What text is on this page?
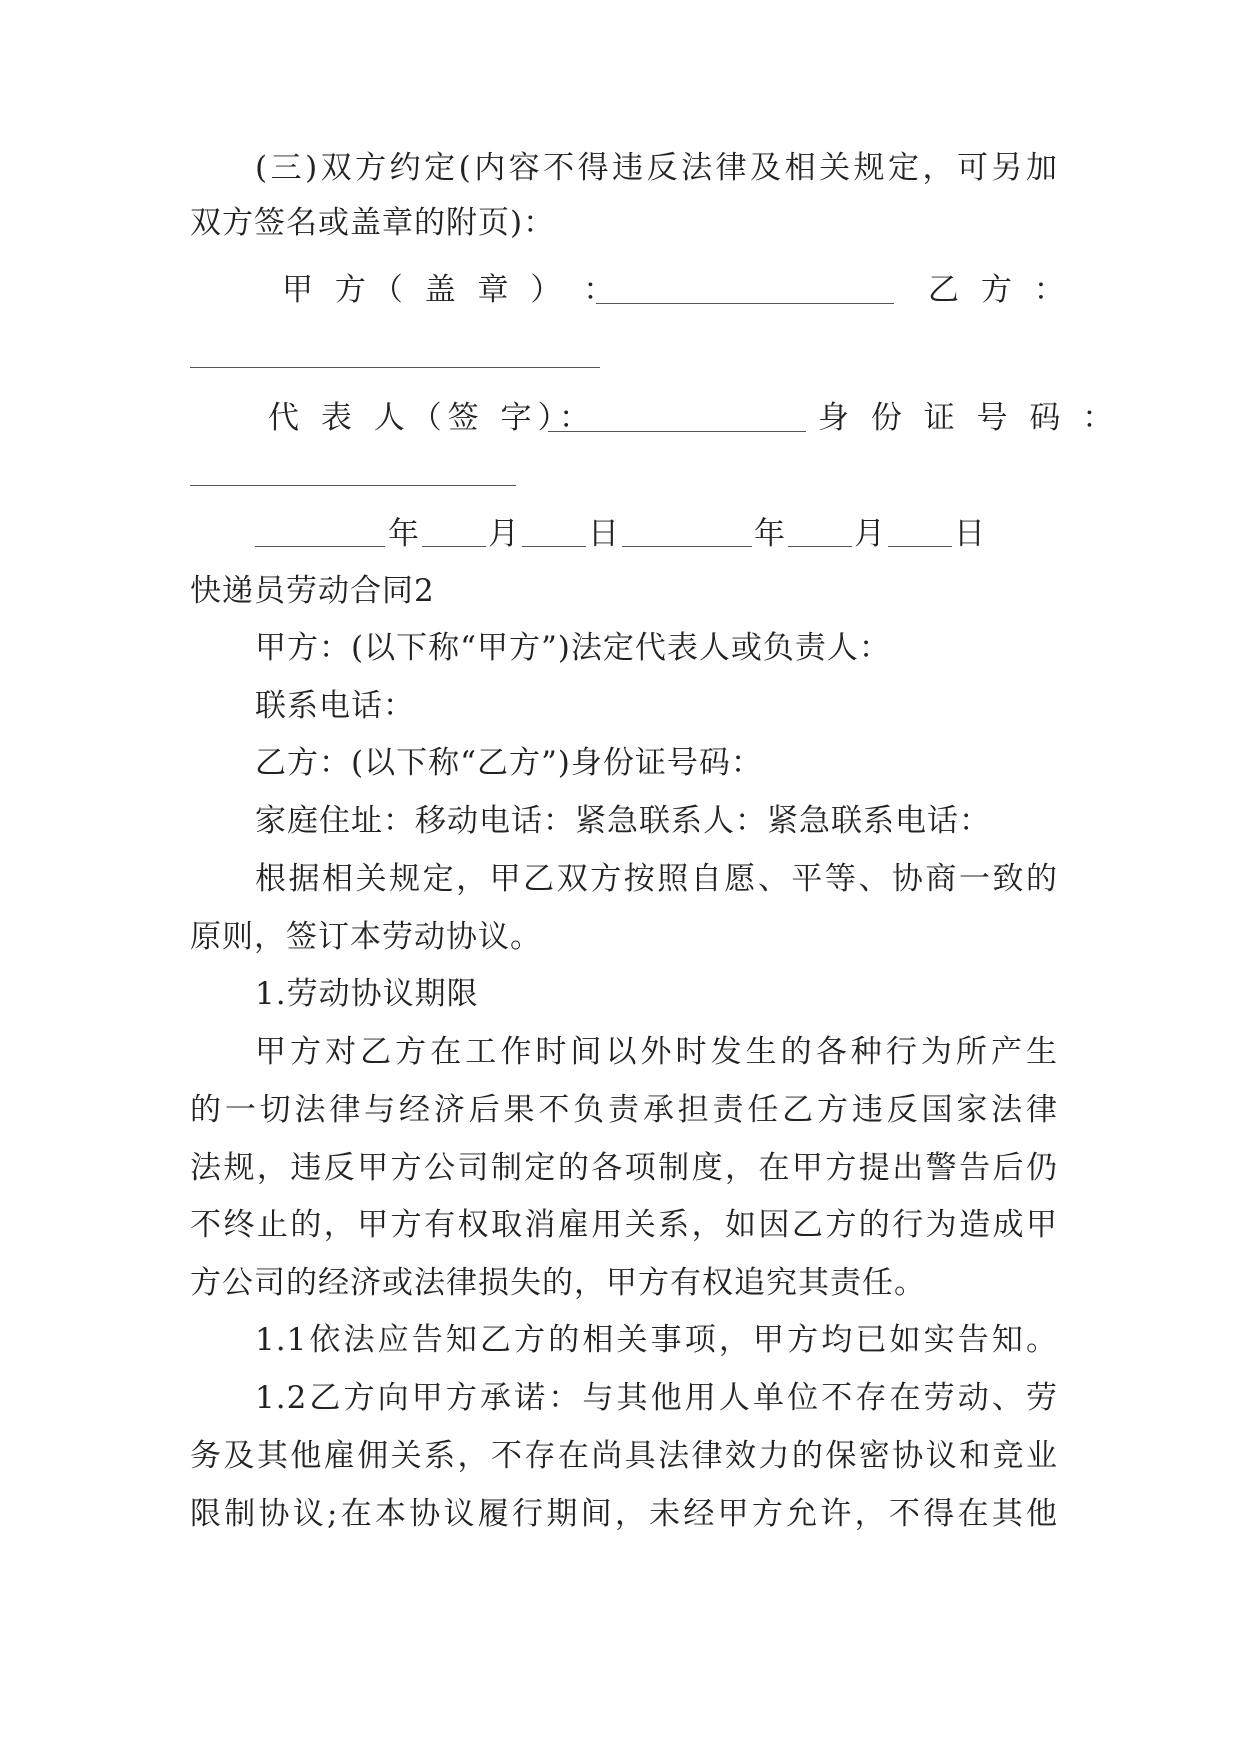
(三)双方约定(内容不得违反法律及相关规定，可另加
双方签名或盖章的附页)：
甲 方（ 盖 章 ） ：	乙 方 ：
代 表 人（签 字）：	身 份 证 号 码 ：
年 月 日	年 月 日
快递员劳动合同2
甲方：(以下称“甲方”)法定代表人或负责人：
联系电话：
乙方：(以下称“乙方”)身份证号码：
家庭住址：移动电话：紧急联系人：紧急联系电话：
根据相关规定，甲乙双方按照自愿、平等、协商一致的
原则，签订本劳动协议。
1.劳动协议期限
甲方对乙方在工作时间以外时发生的各种行为所产生
的一切法律与经济后果不负责承担责任乙方违反国家法律
法规，违反甲方公司制定的各项制度，在甲方提出警告后仍
不终止的，甲方有权取消雇用关系，如因乙方的行为造成甲
方公司的经济或法律损失的，甲方有权追究其责任。
1.1依法应告知乙方的相关事项，甲方均已如实告知。
1.2乙方向甲方承诺：与其他用人单位不存在劳动、劳
务及其他雇佣关系，不存在尚具法律效力的保密协议和竞业
限制协议;在本协议履行期间，未经甲方允许，不得在其他
